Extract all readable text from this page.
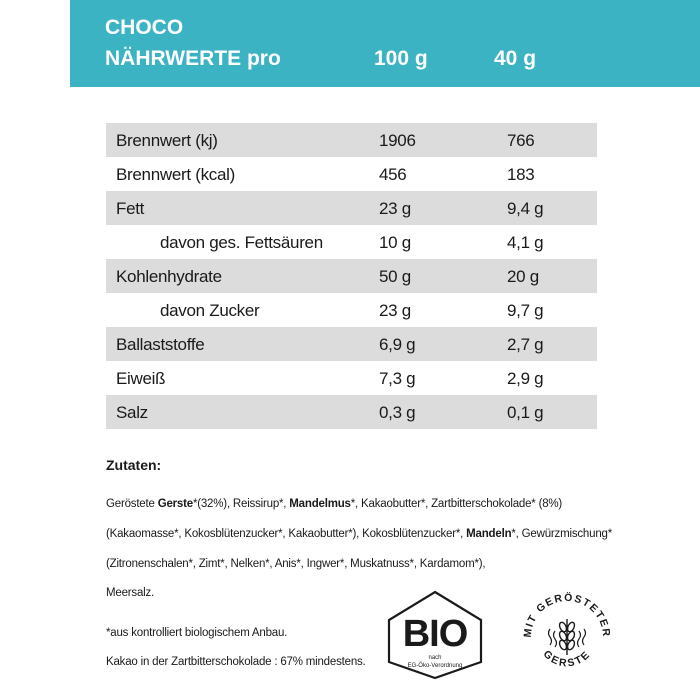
CHOCO
NÄHRWERTE pro	100 g	40 g
Brennwert (kj)	1906	766
Brennwert (kcal)	456	183
Fett	23 g	9,4 g
davon ges. Fettsäuren	10 g	4,1 g
Kohlenhydrate	50 g	20 g
davon Zucker	23 g	9,7 g
Ballaststoffe	6,9 g	2,7 g
Eiweiß	7,3 g	2,9 g
Salz	0,3 g	0,1 g
Zutaten:
Geröstete Gerste*(32%), Reissirup*, Mandelmus*, Kakaobutter*, Zartbitterschokolade* (8%)
(Kakaomasse*, Kokosblütenzucker*, Kakaobutter*), Kokosblütenzucker*, Mandeln*, Gewürzmischung*
(Zitronenschalen*, Zimt*, Nelken*, Anis*, Ingwer*, Muskatnuss*, Kardamom*),
Meersalz.
*aus kontrolliert biologischem Anbau.
Kakao in der Zartbitterschokolade : 67% mindestens.
BIO
nach
EG-Öko-Verordnung
MIT GERÖSTETER
GERSTE
